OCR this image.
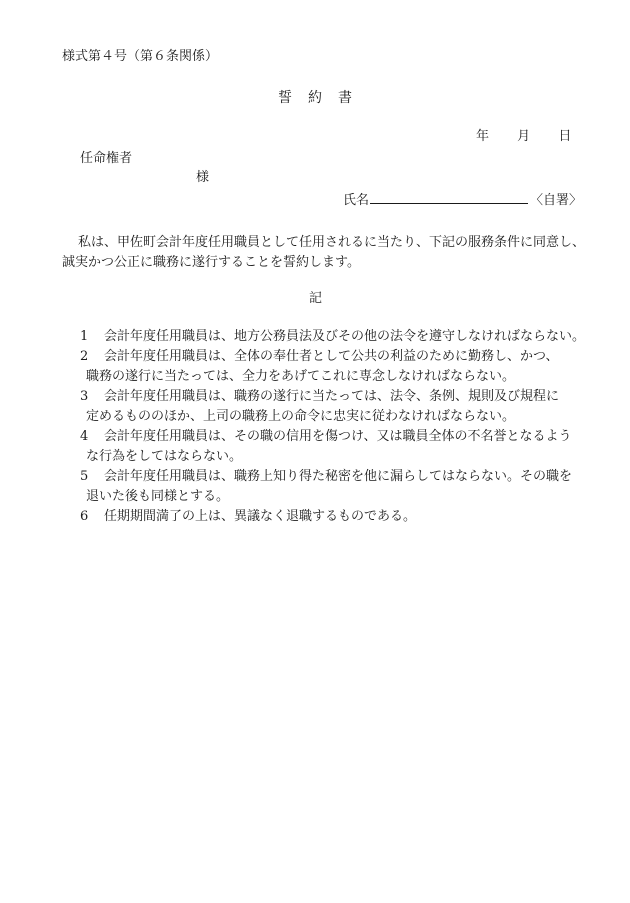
様式第４号（第６条関係）
誓約書
年 月 日
任命権者
様
氏名	〈自署〉
私は、甲佐町会計年度任用職員として任用されるに当たり、下記の服務条件に同意し、
誠実かつ公正に職務に遂行することを誓約します。
記
1 会計年度任用職員は、地方公務員法及びその他の法令を遵守しなければならない。
2 会計年度任用職員は、全体の奉仕者として公共の利益のために勤務し、かつ、
職務の遂行に当たっては、全力をあげてこれに専念しなければならない。
3 会計年度任用職員は、職務の遂行に当たっては、法令、条例、規則及び規程に
定めるもののほか、上司の職務上の命令に忠実に従わなければならない。
4 会計年度任用職員は、その職の信用を傷つけ、又は職員全体の不名誉となるよう
な行為をしてはならない。
5 会計年度任用職員は、職務上知り得た秘密を他に漏らしてはならない。その職を
退いた後も同様とする。
6 任期期間満了の上は、異議なく退職するものである。
